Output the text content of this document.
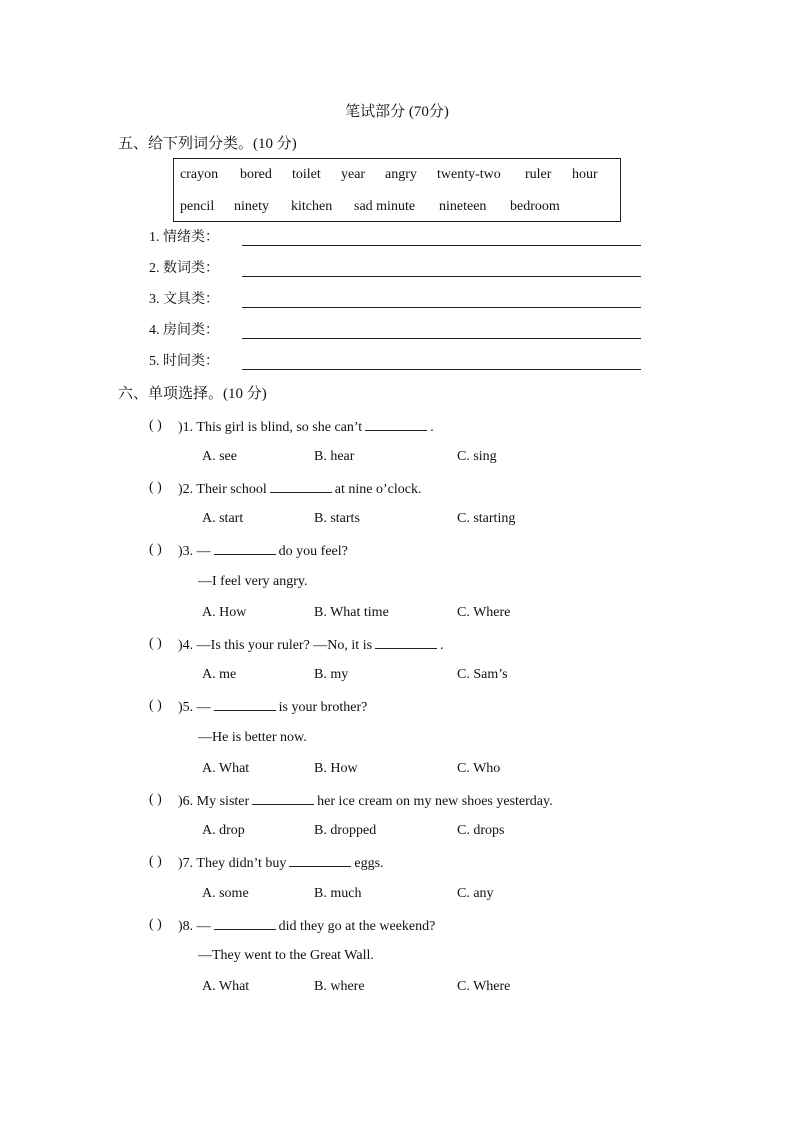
笔试部分 (70分)
五、给下列词分类。(10 分)
crayon bored toilet year angry twenty-two ruler hour
pencil ninety kitchen sad minute nineteen bedroom
1. 情绪类：
2. 数词类：
3. 文具类：
4. 房间类：
5. 时间类：
六、单项选择。(10 分)
( ) )1. This girl is blind, so she can’t	.
A. see	B. hear	C. sing
( ) )2. Their school	at nine o’clock.
A. start	B. starts	C. starting
( ) )3. —	do you feel?
—I feel very angry.
A. How	B. What time	C. Where
( ) )4. —Is this your ruler? —No, it is	.
A. me	B. my	C. Sam’s
( ) )5. —	is your brother?
—He is better now.
A. What	B. How	C. Who
( ) )6. My sister	her ice cream on my new shoes yesterday.
A. drop	B. dropped	C. drops
( ) )7. They didn’t buy	eggs.
A. some	B. much	C. any
( ) )8. —	did they go at the weekend?
—They went to the Great Wall.
A. What	B. where	C. Where
